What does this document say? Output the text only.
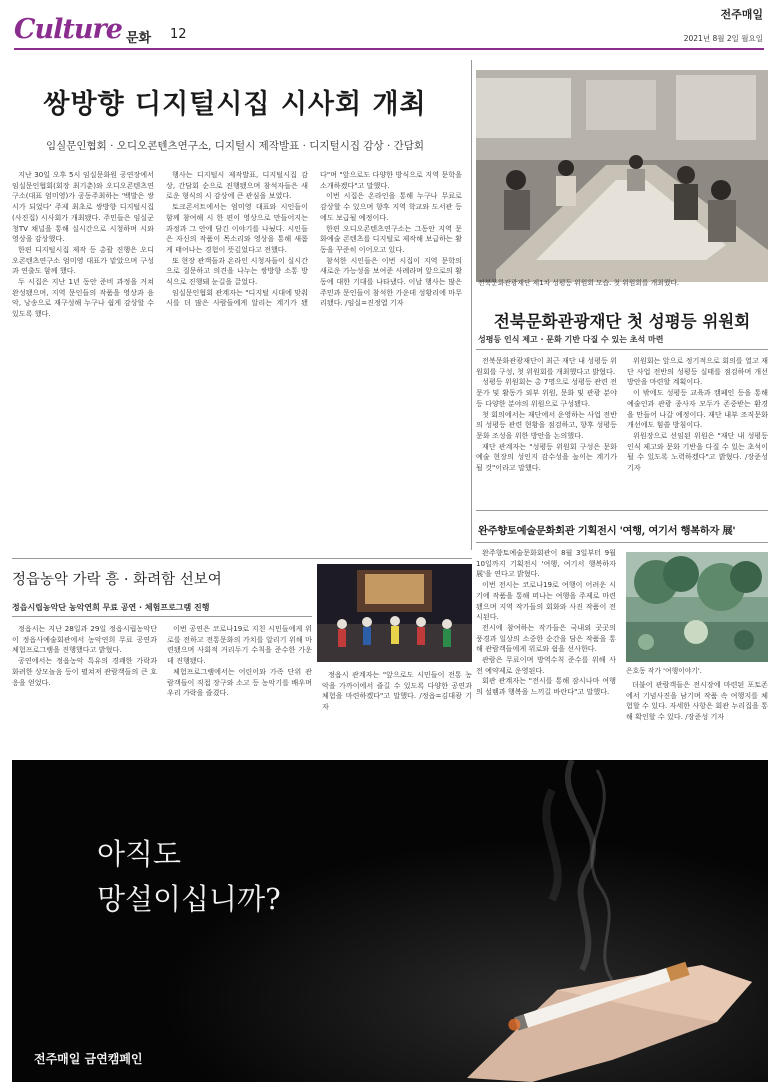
Culture 문화 12
전주매일
2021년 8월 2일 월요일
쌍방향 디지털시집 시사회 개최
임실문인협회 · 오디오콘텐츠연구소, 디지털시 제작발표 · 디지털시집 감상 · 간담회

지난 30일 오후 5시 임실문화원 공연장에서 임실문인협회(회장 최기춘)와 오디오콘텐츠연구소(대표 엄미영)가 공동주최하는 '백발은 쌍시가 되었다' 주제 최초로 쌍방향 디지털시집(사진집) 시사회가 개최됐다. 주민들은 임실군청TV 채널을 통해 실시간으로 시청하며 시와 영상을 감상했다.

한편 디지털시집 제작 등 총괄 진행은 오디오콘텐츠연구소 엄미영 대표가 맡았으며 구성과 연출도 함께 했다.

두 시집은 지난 1년 동안 준비 과정을 거쳐 완성됐으며, 지역 문인들의 작품을 영상과 음악, 낭송으로 재구성해 누구나 쉽게 감상할 수 있도록 했다.

행사는 디지털시 제작발표, 디지털시집 감상, 간담회 순으로 진행됐으며 참석자들은 새로운 형식의 시 감상에 큰 관심을 보였다.

토크콘서트에서는 엄미영 대표와 시인들이 함께 참여해 시 한 편이 영상으로 만들어지는 과정과 그 안에 담긴 이야기를 나눴다. 시인들은 자신의 작품이 목소리와 영상을 통해 새롭게 태어나는 경험이 뜻깊었다고 전했다.

또 현장 관객들과 온라인 시청자들이 실시간으로 질문하고 의견을 나누는 쌍방향 소통 방식으로 진행돼 눈길을 끌었다.

임실문인협회 관계자는 "디지털 시대에 맞춰 시를 더 많은 사람들에게 알리는 계기가 됐다"며 "앞으로도 다양한 방식으로 지역 문학을 소개하겠다"고 말했다.

이번 시집은 온라인을 통해 누구나 무료로 감상할 수 있으며 향후 지역 학교와 도서관 등에도 보급될 예정이다.

한편 오디오콘텐츠연구소는 그동안 지역 문화예술 콘텐츠를 디지털로 제작해 보급하는 활동을 꾸준히 이어오고 있다.

참석한 시인들은 이번 시집이 지역 문학의 새로운 가능성을 보여준 사례라며 앞으로의 활동에 대한 기대를 나타냈다. 이날 행사는 많은 주민과 문인들이 참석한 가운데 성황리에 마무리됐다. /임실=진정엽 기자

전북문화관광재단 제1차 성평등 위원회 모습. 첫 위원회를 개최했다.
전북문화관광재단 첫 성평등 위원회
성평등 인식 제고 · 문화 기반 다질 수 있는 초석 마련

전북문화관광재단이 최근 재단 내 성평등 위원회를 구성, 첫 위원회를 개최했다고 밝혔다.

성평등 위원회는 총 7명으로 성평등 관련 전문가 및 활동가 외부 위원, 문화 및 관광 분야 등 다양한 분야의 위원으로 구성됐다.

첫 회의에서는 재단에서 운영하는 사업 전반의 성평등 관련 현황을 점검하고, 향후 성평등 문화 조성을 위한 방안을 논의했다.

재단 관계자는 "성평등 위원회 구성은 문화예술 현장의 성인지 감수성을 높이는 계기가 될 것"이라고 말했다.

위원회는 앞으로 정기적으로 회의를 열고 재단 사업 전반의 성평등 실태를 점검하며 개선 방안을 마련할 계획이다.

이 밖에도 성평등 교육과 캠페인 등을 통해 예술인과 관광 종사자 모두가 존중받는 환경을 만들어 나갈 예정이다. 재단 내부 조직문화 개선에도 힘쓸 방침이다.

위원장으로 선임된 위원은 "재단 내 성평등 인식 제고와 문화 기반을 다질 수 있는 초석이 될 수 있도록 노력하겠다"고 밝혔다. /장준성 기자

정읍농악 가락 흥 · 화려함 선보여
정읍시립농악단 농악연희 무료 공연 · 체험프로그램 진행

정읍시는 지난 28일과 29일 정읍시립농악단이 정읍사예술회관에서 농악연희 무료 공연과 체험프로그램을 진행했다고 밝혔다.

공연에서는 정읍농악 특유의 경쾌한 가락과 화려한 상모놀음 등이 펼쳐져 관람객들의 큰 호응을 얻었다.

이번 공연은 코로나19로 지친 시민들에게 위로를 전하고 전통문화의 가치를 알리기 위해 마련됐으며 사회적 거리두기 수칙을 준수한 가운데 진행됐다.

체험프로그램에서는 어린이와 가족 단위 관람객들이 직접 장구와 소고 등 농악기를 배우며 우리 가락을 즐겼다.

정읍시 관계자는 "앞으로도 시민들이 전통 농악을 가까이에서 즐길 수 있도록 다양한 공연과 체험을 마련하겠다"고 말했다. /정읍=김대광 기자

완주향토예술문화회관 기획전시 '여행, 여기서 행복하자 展'

완주향토예술문화회관이 8월 3일부터 9월 10일까지 기획전시 '여행, 여기서 행복하자 展'을 연다고 밝혔다.

이번 전시는 코로나19로 여행이 어려운 시기에 작품을 통해 떠나는 여행을 주제로 마련됐으며 지역 작가들의 회화와 사진 작품이 전시된다.

전시에 참여하는 작가들은 국내외 곳곳의 풍경과 일상의 소중한 순간을 담은 작품을 통해 관람객들에게 위로와 쉼을 선사한다.

관람은 무료이며 방역수칙 준수를 위해 사전 예약제로 운영된다.

회관 관계자는 "전시를 통해 잠시나마 여행의 설렘과 행복을 느끼길 바란다"고 말했다.

은호동 작가 '여행이야기'.

더불어 관람객들은 전시장에 마련된 포토존에서 기념사진을 남기며 작품 속 여행지를 체험할 수 있다. 자세한 사항은 회관 누리집을 통해 확인할 수 있다. /장준성 기자

아직도
망설이십니까?
전주매일 금연캠페인
